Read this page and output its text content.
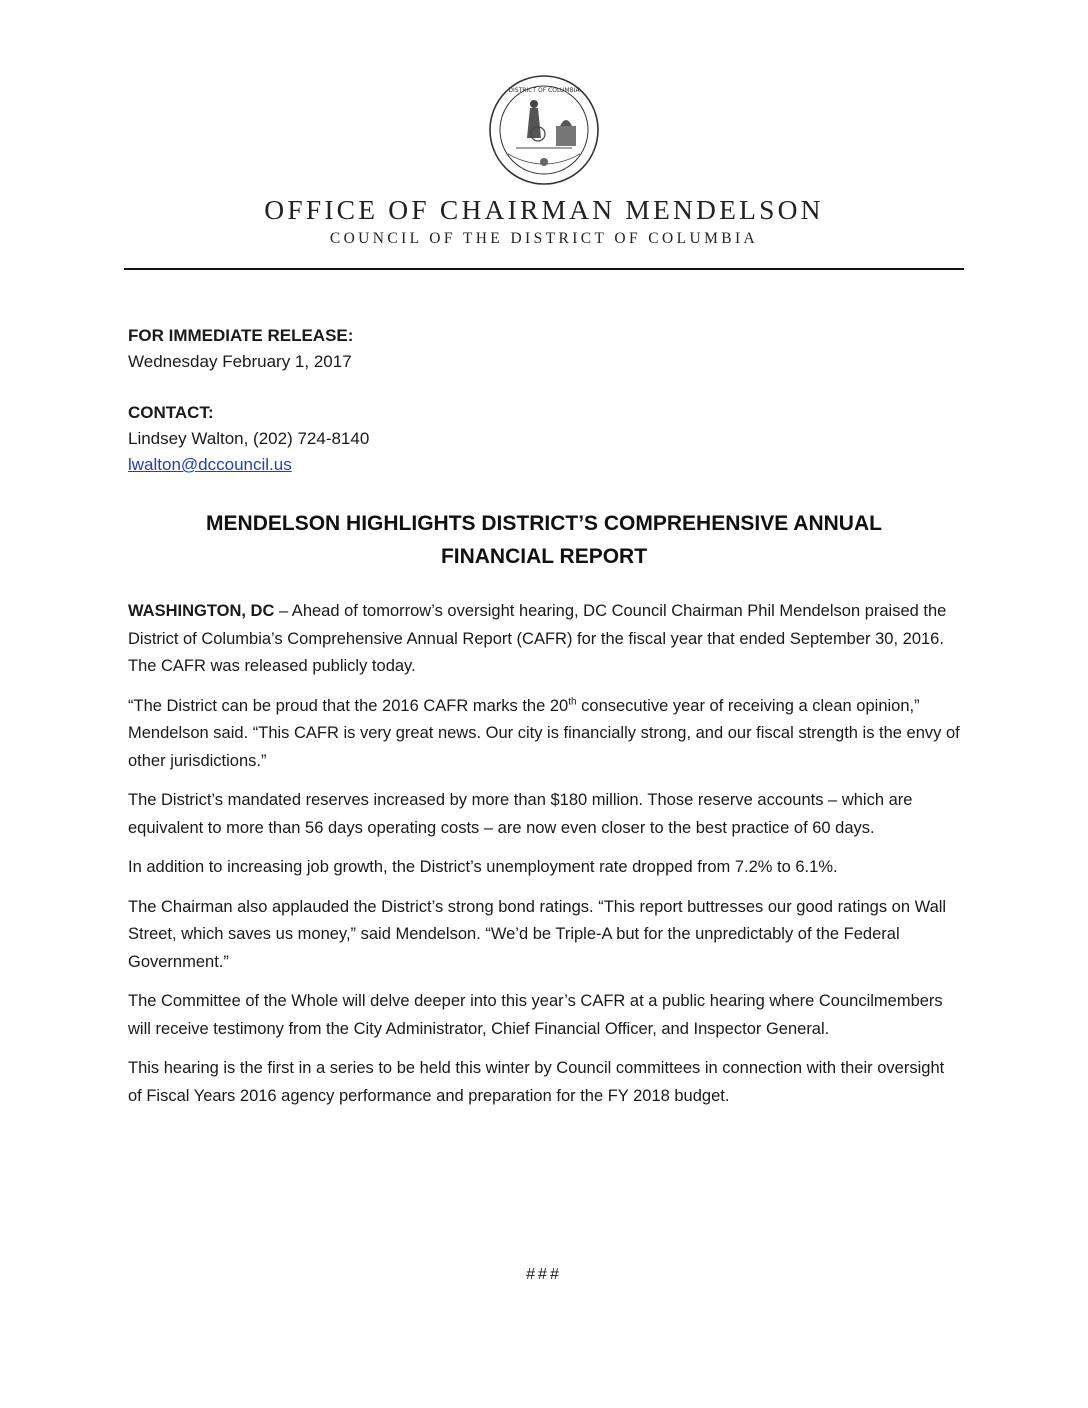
DISTRICT OF COLUMBIA
OFFICE OF CHAIRMAN MENDELSON
COUNCIL OF THE DISTRICT OF COLUMBIA
FOR IMMEDIATE RELEASE:
Wednesday February 1, 2017
CONTACT:
Lindsey Walton, (202) 724-8140
lwalton@dccouncil.us
MENDELSON HIGHLIGHTS DISTRICT’S COMPREHENSIVE ANNUAL
FINANCIAL REPORT

WASHINGTON, DC – Ahead of tomorrow’s oversight hearing, DC Council Chairman Phil Mendelson praised the District of Columbia’s Comprehensive Annual Report (CAFR) for the fiscal year that ended September 30, 2016. The CAFR was released publicly today.

“The District can be proud that the 2016 CAFR marks the 20th consecutive year of receiving a clean opinion,” Mendelson said. “This CAFR is very great news. Our city is financially strong, and our fiscal strength is the envy of other jurisdictions.”

The District’s mandated reserves increased by more than $180 million. Those reserve accounts – which are equivalent to more than 56 days operating costs – are now even closer to the best practice of 60 days.

In addition to increasing job growth, the District’s unemployment rate dropped from 7.2% to 6.1%.

The Chairman also applauded the District’s strong bond ratings. “This report buttresses our good ratings on Wall Street, which saves us money,” said Mendelson. “We’d be Triple-A but for the unpredictably of the Federal Government.”

The Committee of the Whole will delve deeper into this year’s CAFR at a public hearing where Councilmembers will receive testimony from the City Administrator, Chief Financial Officer, and Inspector General.

This hearing is the first in a series to be held this winter by Council committees in connection with their oversight of Fiscal Years 2016 agency performance and preparation for the FY 2018 budget.

###
